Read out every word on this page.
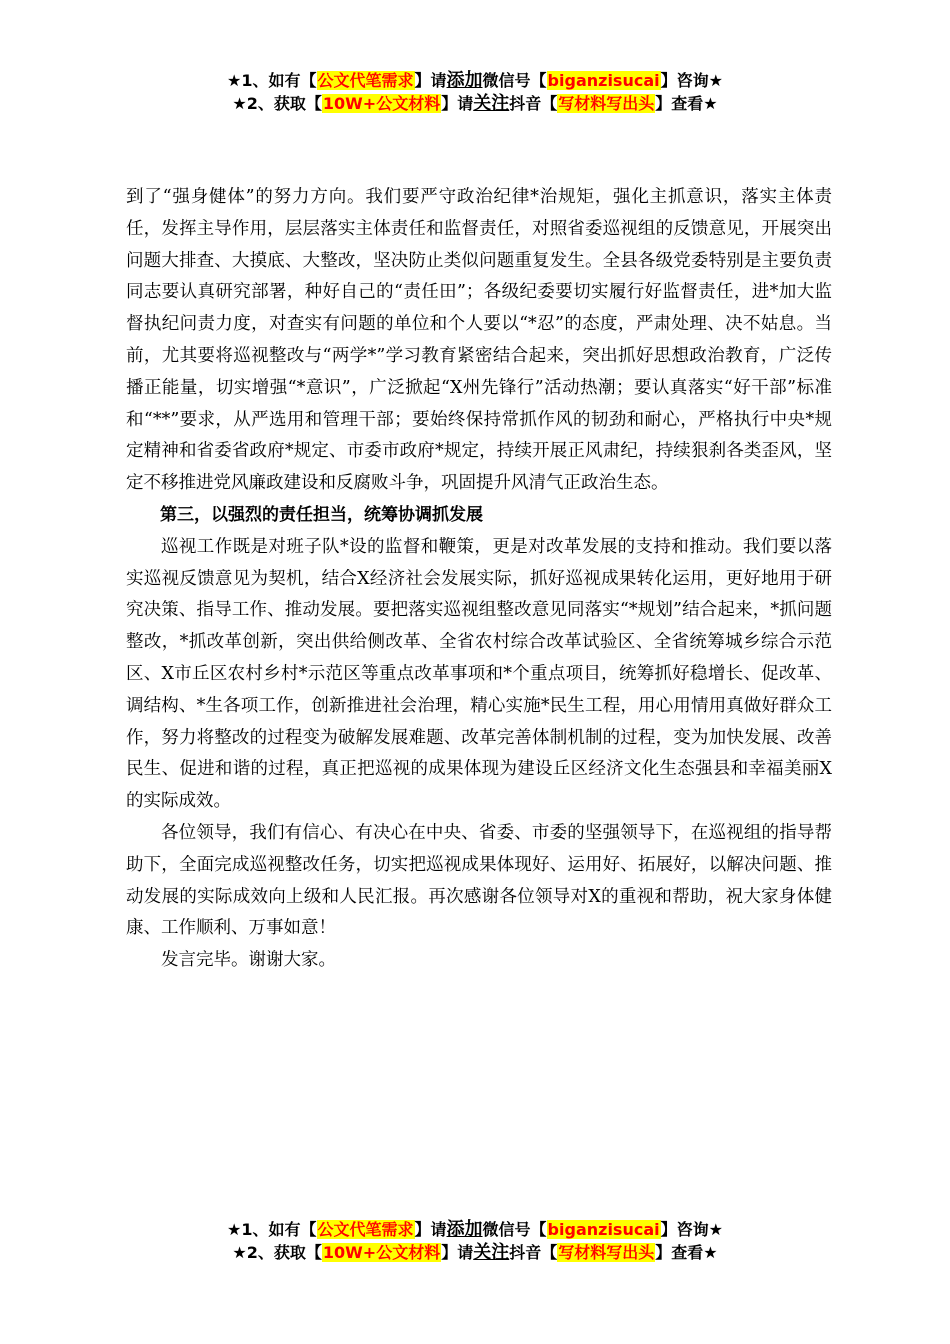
★1、如有【公文代笔需求】请添加微信号【biganzisucai】咨询★
★2、获取【10W+公文材料】请关注抖音【写材料写出头】查看★

到了“强身健体”的努力方向。我们要严守政治纪律*治规矩，强化主抓意识，落实主体责任，发挥主导作用，层层落实主体责任和监督责任，对照省委巡视组的反馈意见，开展突出问题大排查、大摸底、大整改，坚决防止类似问题重复发生。全县各级党委特别是主要负责同志要认真研究部署，种好自己的“责任田”；各级纪委要切实履行好监督责任，进*加大监督执纪问责力度，对查实有问题的单位和个人要以“*忍”的态度，严肃处理、决不姑息。当前，尤其要将巡视整改与“两学*”学习教育紧密结合起来，突出抓好思想政治教育，广泛传播正能量，切实增强“*意识”，广泛掀起“X州先锋行”活动热潮；要认真落实“好干部”标准和“**”要求，从严选用和管理干部；要始终保持常抓作风的韧劲和耐心，严格执行中央*规定精神和省委省政府*规定、市委市政府*规定，持续开展正风肃纪，持续狠刹各类歪风，坚定不移推进党风廉政建设和反腐败斗争，巩固提升风清气正政治生态。

第三，以强烈的责任担当，统筹协调抓发展

巡视工作既是对班子队*设的监督和鞭策，更是对改革发展的支持和推动。我们要以落实巡视反馈意见为契机，结合X经济社会发展实际，抓好巡视成果转化运用，更好地用于研究决策、指导工作、推动发展。要把落实巡视组整改意见同落实“*规划”结合起来，*抓问题整改，*抓改革创新，突出供给侧改革、全省农村综合改革试验区、全省统筹城乡综合示范区、X市丘区农村乡村*示范区等重点改革事项和*个重点项目，统筹抓好稳增长、促改革、调结构、*生各项工作，创新推进社会治理，精心实施*民生工程，用心用情用真做好群众工作，努力将整改的过程变为破解发展难题、改革完善体制机制的过程，变为加快发展、改善民生、促进和谐的过程，真正把巡视的成果体现为建设丘区经济文化生态强县和幸福美丽X的实际成效。

各位领导，我们有信心、有决心在中央、省委、市委的坚强领导下，在巡视组的指导帮助下，全面完成巡视整改任务，切实把巡视成果体现好、运用好、拓展好，以解决问题、推动发展的实际成效向上级和人民汇报。再次感谢各位领导对X的重视和帮助，祝大家身体健康、工作顺利、万事如意！

发言完毕。谢谢大家。

★1、如有【公文代笔需求】请添加微信号【biganzisucai】咨询★
★2、获取【10W+公文材料】请关注抖音【写材料写出头】查看★
